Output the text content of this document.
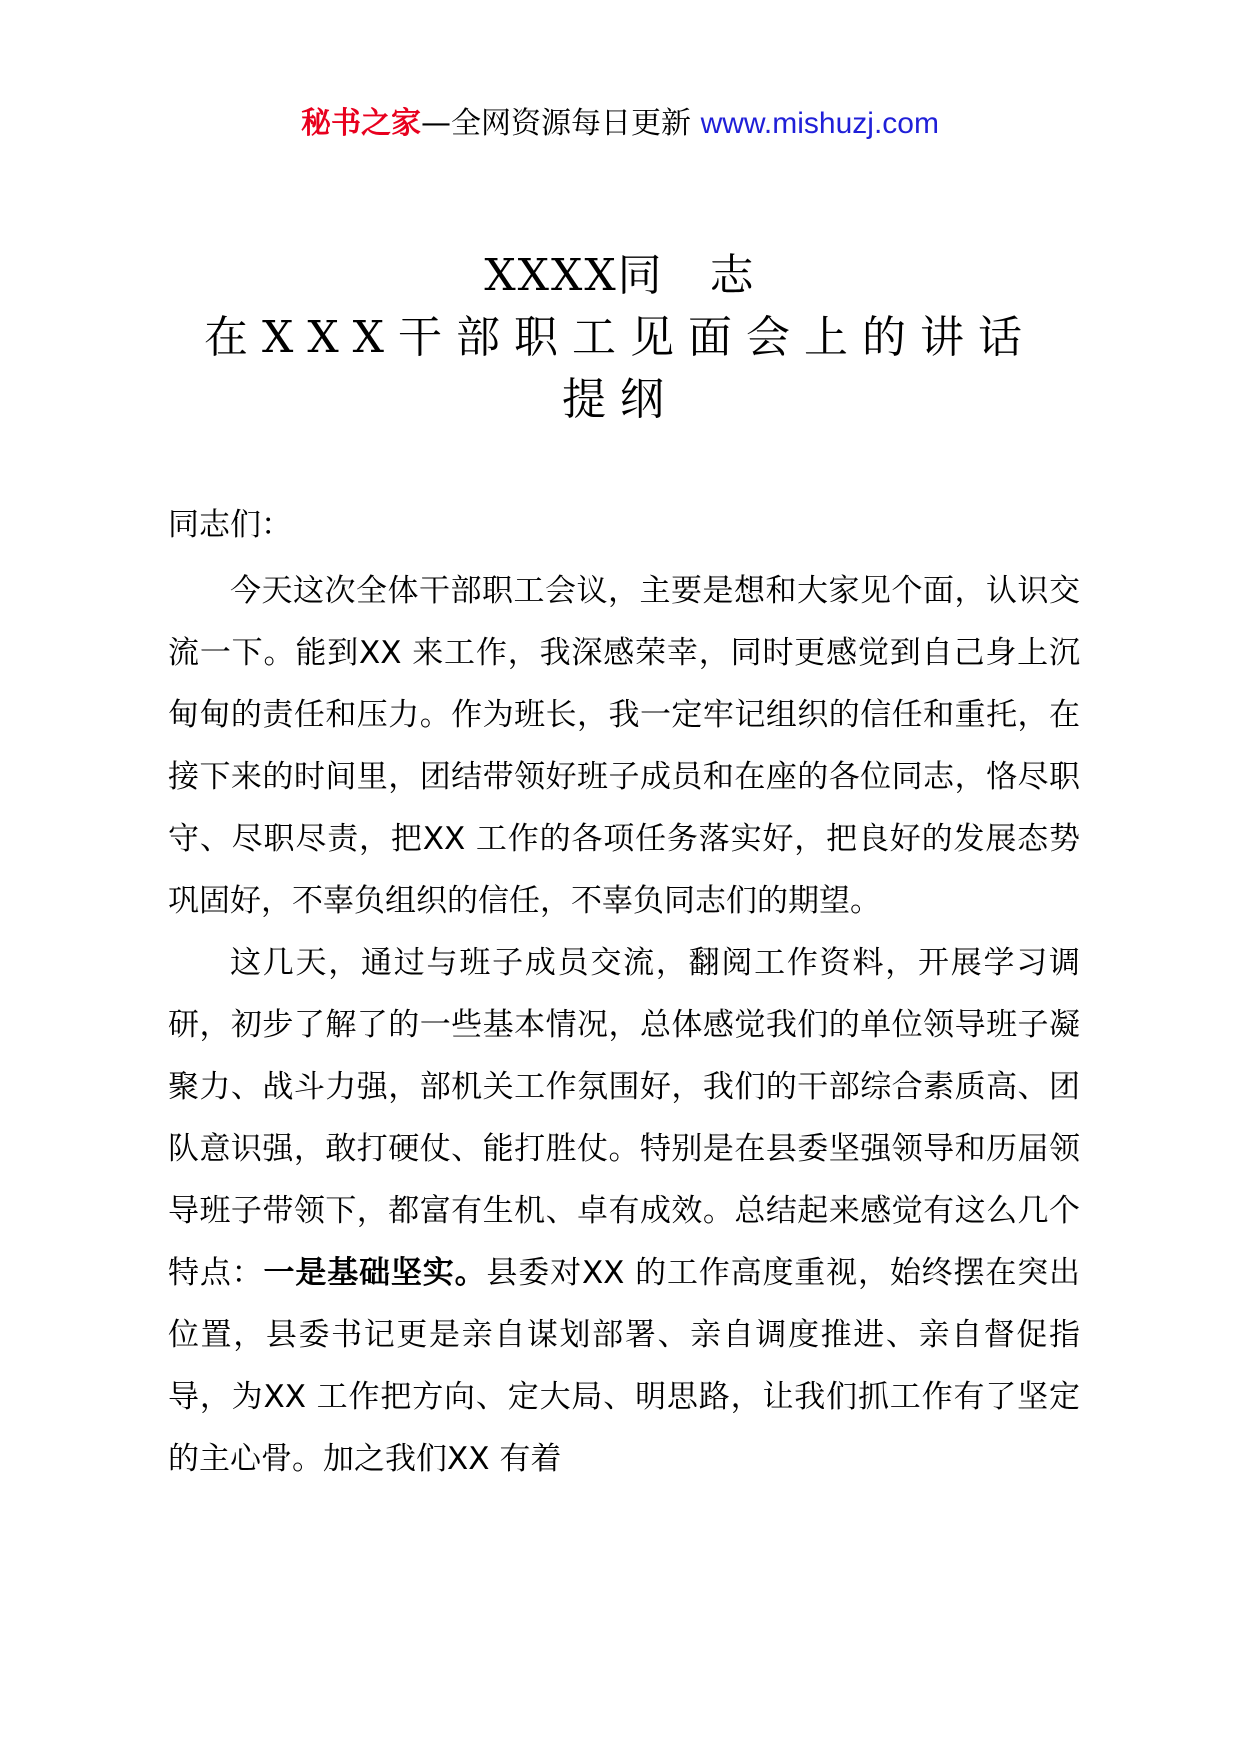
秘书之家—全网资源每日更新 www.mishuzj.com
XXXX同　志
在XXX干部职工见面会上的讲话
提纲
同志们：

今天这次全体干部职工会议，主要是想和大家见个面，认识交流一下。能到XX 来工作，我深感荣幸，同时更感觉到自己身上沉甸甸的责任和压力。作为班长，我一定牢记组织的信任和重托，在接下来的时间里，团结带领好班子成员和在座的各位同志，恪尽职守、尽职尽责，把XX 工作的各项任务落实好，把良好的发展态势巩固好，不辜负组织的信任，不辜负同志们的期望。

这几天，通过与班子成员交流，翻阅工作资料，开展学习调研，初步了解了的一些基本情况，总体感觉我们的单位领导班子凝聚力、战斗力强，部机关工作氛围好，我们的干部综合素质高、团队意识强，敢打硬仗、能打胜仗。特别是在县委坚强领导和历届领导班子带领下，都富有生机、卓有成效。总结起来感觉有这么几个特点：一是基础坚实。县委对XX 的工作高度重视，始终摆在突出位置，县委书记更是亲自谋划部署、亲自调度推进、亲自督促指导，为XX 工作把方向、定大局、明思路，让我们抓工作有了坚定的主心骨。加之我们XX 有着
